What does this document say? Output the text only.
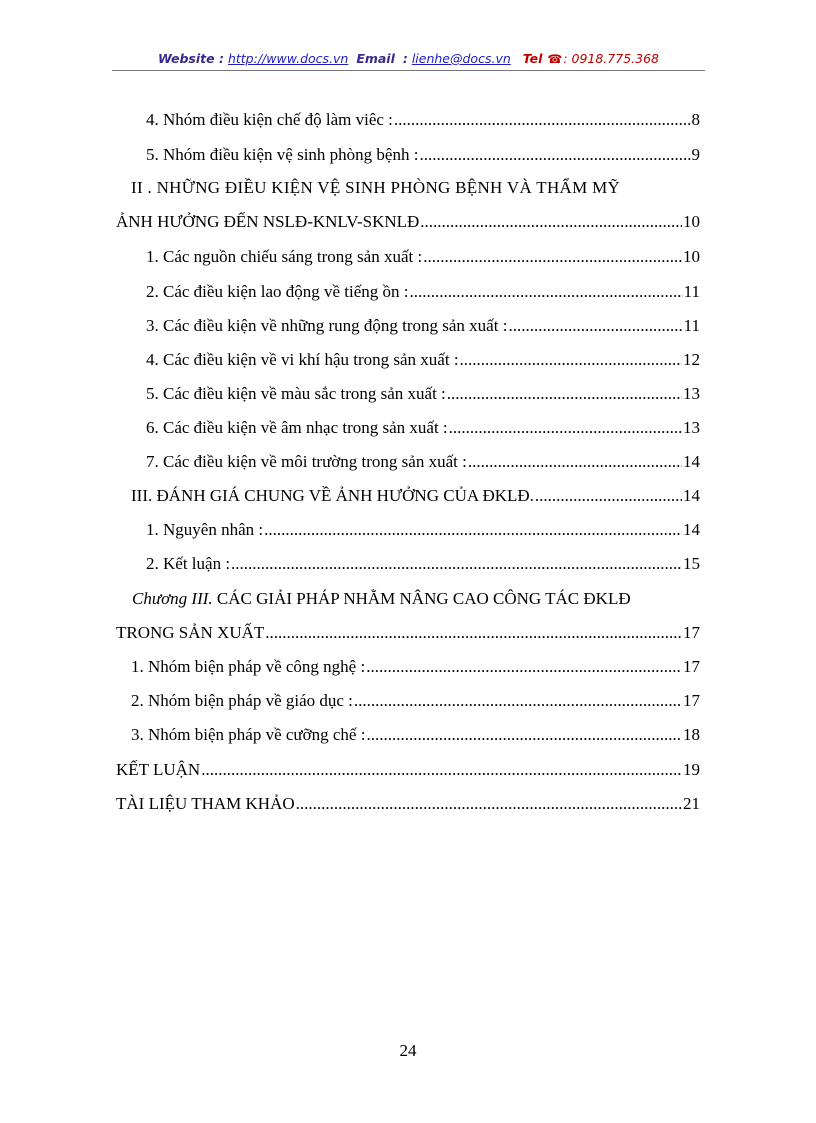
Website : http://www.docs.vn Email : lienhe@docs.vn Tel ☎: 0918.775.368
4. Nhóm điều kiện chế độ làm viêc : .....	8
5. Nhóm điều kiện vệ sinh phòng bệnh : .....	9
II . NHỮNG ĐIỀU KIỆN VỆ SINH PHÒNG BỆNH VÀ THẨM MỸ
ẢNH HƯỞNG ĐẾN NSLĐ-KNLV-SKNLĐ .....	10
1. Các nguồn chiếu sáng trong sản xuất : .....	10
2. Các điều kiện lao động về tiếng ồn : .....	11
3. Các điều kiện về những rung động trong sản xuất : .....	11
4. Các điều kiện về vi khí hậu trong sản xuất : .....	12
5. Các điều kiện về màu sắc trong sản xuất : .....	13
6. Các điều kiện về âm nhạc trong sản xuất : .....	13
7. Các điều kiện về môi trường trong sản xuất : .....	14
III. ĐÁNH GIÁ CHUNG VỀ ẢNH HƯỞNG CỦA ĐKLĐ. .....	14
1. Nguyên nhân : .....	14
2. Kết luận : .....	15
Chương III. CÁC GIẢI PHÁP NHẰM NÂNG CAO CÔNG TÁC ĐKLĐ
TRONG SẢN XUẤT .....	17
1. Nhóm biện pháp về công nghệ : .....	17
2. Nhóm biện pháp về giáo dục : .....	17
3. Nhóm biện pháp về cưỡng chế : .....	18
KẾT LUẬN .....	19
TÀI LIỆU THAM KHẢO .....	21
24
